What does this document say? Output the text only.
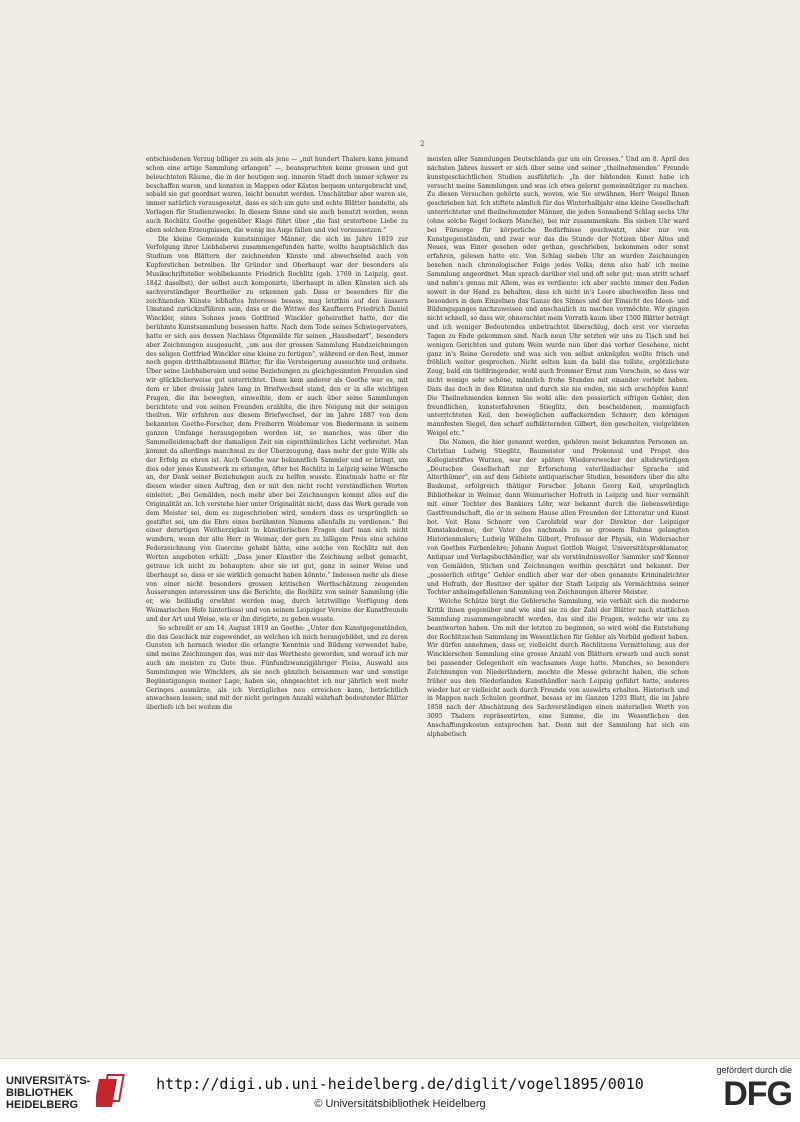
2

entschiedenen Verzug billiger zu sein als jene — „mit hundert Thalern kann jemand schon eine artige Sammlung erlangen“ —, beanspruchten keine grossen und gut beleuchteten Räume, die in der heutigen sog. inneren Stadt doch immer schwer zu beschaffen waren, und konnten in Mappen oder Kästen bequem untergebracht und, sobald sie gut geordnet waren, leicht benutzt werden. Unschätzbar aber waren sie, immer natürlich vorausgesetzt, dass es sich um gute und echte Blätter handelte, als Vorlagen für Studienzwecke. In diesem Sinne sind sie auch benutzt worden, wenn auch Rochlitz Goethe gegenüber Klage führt über „die fast erstorbene Liebe zu eben solchen Erzeugnissen, die wenig ins Auge fallen und viel voraussetzen.“

Die kleine Gemeinde kunstsinniger Männer, die sich im Jahre 1819 zur Verfolgung ihrer Liebhaberei zusammengefunden hatte, wollte hauptsächlich das Studium von Blättern der zeichnenden Künste und abwechselnd auch von Kupferstichen betreiben. Ihr Gründer und Oberhaupt war der besonders als Musikschriftsteller wohlbekannte Friedrich Rochlitz (geb. 1769 in Leipzig, gest. 1842 daselbst), der selbst auch komponirte, überhaupt in allen Künsten sich als sachverständiger Beurtheiler zu erkennen gab. Dass er besonders für die zeichnenden Künste lebhaftes Interesse besass, mag letzthin auf den äussern Umstand zurückzuführen sein, dass er die Wittwe des Kaufherrn Friedrich Daniel Winckler, eines Sohnes jenes Gottfried Winckler geheirathet hatte, der die berühmte Kunstsammlung besessen hatte. Nach dem Tode seines Schwiegervaters, hatte er sich aus dessen Nachlass Ölgemälde für seinen „Hausbedarf“, besonders aber Zeichnungen ausgesucht, „um aus der grossen Sammlung Handzeichnungen des seligen Gottfried Winckler eine kleine zu fertigen“, während er den Rest, immer noch gegen dritthalbtausend Blätter, für die Versteigerung aussuchte und ordnete. Über seine Liebhabereien und seine Beziehungen zu gleichgesinnten Freunden sind wir glücklicherweise gut unterrichtet. Denn kein anderer als Goethe war es, mit dem er über dreissig Jahre lang in Briefwechsel stand, den er in alle wichtigen Fragen, die ihn bewegten, einweihte, dem er auch über seine Sammlungen berichtete und von seinen Freunden erzählte, die ihre Neigung mit der seinigen theilten. Wir erfahren aus diesem Briefwechsel, der im Jahre 1887 von dem bekannten Goethe-Forscher, dem Freiherrn Woldemar von Biedermann in seinem ganzen Umfange herausgegeben worden ist, so manches, was über die Sammelleidenschaft der damaligen Zeit ein eigenthümliches Licht verbreitet. Man kommt da allerdings manchmal zu der Überzeugung, dass mehr der gute Wille als der Erfolg zu ehren ist. Auch Goethe war bekanntlich Sammler und er bringt, um dies oder jenes Kunstwerk zu erlangen, öfter bei Rochlitz in Leipzig seine Wünsche an, der Dank seiner Beziehungen auch zu helfen wusste. Einstmals hatte er für diesen wieder einen Auftrag, den er mit den nicht recht verständlichen Worten einleitet: „Bei Gemälden, noch mehr aber bei Zeichnungen kommt alles auf die Originalität an. Ich verstehe hier unter Originalität nicht, dass das Werk gerade von dem Meister sei, dem es zugeschrieben wird, sondern dass es ursprünglich so gestiftet sei, um die Ehre eines berühmten Namens allenfalls zu verdienen.“ Bei einer derartigen Weitherzigkeit in künstlerischen Fragen darf man sich nicht wundern, wenn der alte Herr in Weimar, der gern zu billigem Preis eine schöne Federzeichnung von Guercino gehabt hätte, eine solche von Rochlitz mit den Worten angeboten erhält: „Dass jener Künstler die Zeichnung selbst gemacht, getraue ich nicht zu behaupten: aber sie ist gut, ganz in seiner Weise und überhaupt so, dass er sie wirklich gemacht haben könnte.“ Indessen mehr als diese von einer nicht besonders grossen kritischen Werthschätzung zeugenden Äusserungen interessiren uns die Berichte, die Rochlitz von seiner Sammlung (die er, wie beiläufig erwähnt werden mag, durch letztwillige Verfügung dem Weimarischen Hofe hinterliess) und von seinem Leipziger Vereine der Kunstfreunde und der Art und Weise, wie er ihn dirigirte, zu geben wusste.

So schreibt er am 14. August 1819 an Goethe: „Unter den Kunstgegenständen, die das Geschick mir zugewendet, an welchen ich mich herangebildet, und zu deren Gunsten ich hernach wieder die erlangte Kenntnis und Bildung verwendet habe, sind meine Zeichnungen das, was mir das Wertheste geworden, und worauf ich mir auch am meisten zu Gute thue. Fünfundzwanzigjähriger Fleiss, Auswahl aus Sammlungen wie Wincklers, als sie noch gänzlich beisammen war und sonstige Begünstigungen meiner Lage, haben sie, ohngeachtet ich nur jährlich weit mehr Geringes ausmärze, als ich Vorzügliches neu erreichen kann, beträchtlich anwachsen lassen; und mit der nicht geringen Anzahl wahrhaft bedeutender Blätter überliefe ich bei weitem die

meisten aller Sammlungen Deutschlands gar um ein Grosses.“ Und am 8. April des nächsten Jahres äussert er sich über seine und seiner „theilnehmenden“ Freunde kunstgeschichtlichen Studien ausführlich: „In der bildenden Kunst habe ich versucht meine Sammlungen und was ich etwa gelernt gemeinnütziger zu machen. Zu diesen Versuchen gehörte auch, wovon, wie Sie erwähnen, Herr Weigel Ihnen geschrieben hat. Ich stiftete nämlich für das Winterhalbjahr eine kleine Gesellschaft unterrichteter und theilnehmender Männer, die jeden Sonnabend Schlag sechs Uhr (ohne solche Regel lockern Manche), bei mir zusammenkam. Bis sieben Uhr ward bei Fürsorge für körperliche Bedürfnisse geschwatzt, aber nur von Kunstgegenständen, und zwar war das die Stunde der Notizen über Altes und Neues, was Einer gesehen oder gethan, geschrieben, bekommen oder sonst erfahren, gelesen hatte etc. Von Schlag sieben Uhr an wurden Zeichnungen besehen nach chronologischer Folge jedes Volks; denn also hab' ich meine Sammlung angeordnet. Man sprach darüber viel und oft sehr gut; man stritt scharf und nahm's genau mit Allem, was es verdiente: ich aber suchte immer den Faden soweit in der Hand zu behalten, dass ich nicht in's Leere abschweifen liess und besonders in dem Einzelnen das Ganze des Sinnes und der Einsicht des Ideen- und Bildungsganges nachzuweisen und anschaulich zu machen vermöchte. Wir gingen nicht schnell, so dass wir, ohnerachtet mein Vorrath kaum über 1500 Blätter beträgt und ich weniger Bedeutendes unbetrachtet überschlug, doch erst vor vierzehn Tagen zu Ende gekommen sind. Nach neun Uhr setzten wir uns zu Tisch und bei wenigen Gerichten und gutem Wein wurde nun über das vorher Gesehene, nicht ganz in's Reine Geredete und was sich von selbst anknüpfen wollte frisch und fröhlich weiter gesprochen. Nicht selten kam da bald das tollste, ergötzlichste Zeug, bald ein tiefdringender, wohl auch frommer Ernst zum Vorschein, so dass wir nicht wenige sehr schöne, männlich frohe Stunden mit einander verlebt haben. Dass das doch in den Künsten und durch sie nie enden, nie sich erschöpfen kann! Die Theilnehmenden kennen Sie wohl alle: den possierlich eifrigen Gehler, den freundlichen, kunsterfahrenen Stieglitz, den bescheidenen, mannigfach unterrichteten Keil, den beweglichen auffackernden Schnorr, den körnigen mannfesten Siegel, den scharf aufblätternden Gilbert, den gescheiten, vielgeübten Weigel etc.“

Die Namen, die hier genannt werden, gehören meist bekannten Personen an. Christian Ludwig Stieglitz, Baumeister und Prokonsul und Propst des Kollegiatstiftes Wurzen, war der spätere Wiedererwecker der altehrwürdigen „Deutschen Gesellschaft zur Erforschung vaterländischer Sprache und Alterthümer“, ein auf dem Gebiete antiquarischer Studien, besonders über die alte Baukunst, erfolgreich thätiger Forscher. Johann Georg Keil, ursprünglich Bibliothekar in Weimar, dann Weimarischer Hofrath in Leipzig und hier vermählt mit einer Tochter des Bankiers Löhr, war bekannt durch die liebenswürdige Gastfreundschaft, die er in seinem Hause allen Freunden der Litteratur und Kunst bot. Veit Hans Schnorr von Carolsfeld war der Direktor der Leipziger Kunstakademie, der Vater des nachmals zu so grossem Ruhme gelangten Historienmalers; Ludwig Wilhelm Gilbert, Professor der Physik, ein Widersacher von Goethes Farbenlehre; Johann August Gottlob Weigel, Universitätsproklamator, Antiquar und Verlagsbuchhändler, war als verständnissvoller Sammler und Kenner von Gemälden, Stichen und Zeichnungen weithin geschätzt und bekannt. Der „possierlich eifrige“ Gehler endlich aber war der oben genannte Kriminalrichter und Hofrath, der Besitzer der später der Stadt Leipzig als Vermächtniss seiner Tochter anheimgefallenen Sammlung von Zeichnungen älterer Meister.

Welche Schätze birgt die Gehlersche Sammlung, wie verhält sich die moderne Kritik ihnen gegenüber und wie sind sie zu der Zahl der Blätter nach stattlichen Sammlung zusammengebracht worden, das sind die Fragen, welche wir uns zu beantworten haben. Um mit der letzten zu beginnen, so wird wohl die Entstehung der Rochlitzschen Sammlung im Wesentlichen für Gehler als Vorbild gedient haben. Wir dürfen annehmen, dass er, vielleicht durch Rochlitzens Vermittelung, aus der Wincklerschen Sammlung eine grosse Anzahl von Blättern erwarb und auch sonst bei passender Gelegenheit ein wachsames Auge hatte. Manches, so besonders Zeichnungen von Niederländern, mochte die Messe gebracht haben, die schon früher aus den Niederlanden Kunsthändler nach Leipzig geführt hatte, anderes wieder hat er vielleicht auch durch Freunde von auswärts erhalten. Historisch und in Mappen nach Schulen geordnet, besass er im Ganzen 1293 Blatt, die im Jahre 1858 nach der Abschätzung des Sachverständigen einen materiellen Werth von 3095 Thalern repräsentirten, eine Summe, die im Wesentlichen den Anschaffungskosten entsprochen hat. Denn mit der Sammlung hat sich ein alphabetisch

UNIVERSITÄTS-
BIBLIOTHEK
HEIDELBERG
http://digi.ub.uni-heidelberg.de/diglit/vogel1895/0010
© Universitätsbibliothek Heidelberg
gefördert durch die
DFG
